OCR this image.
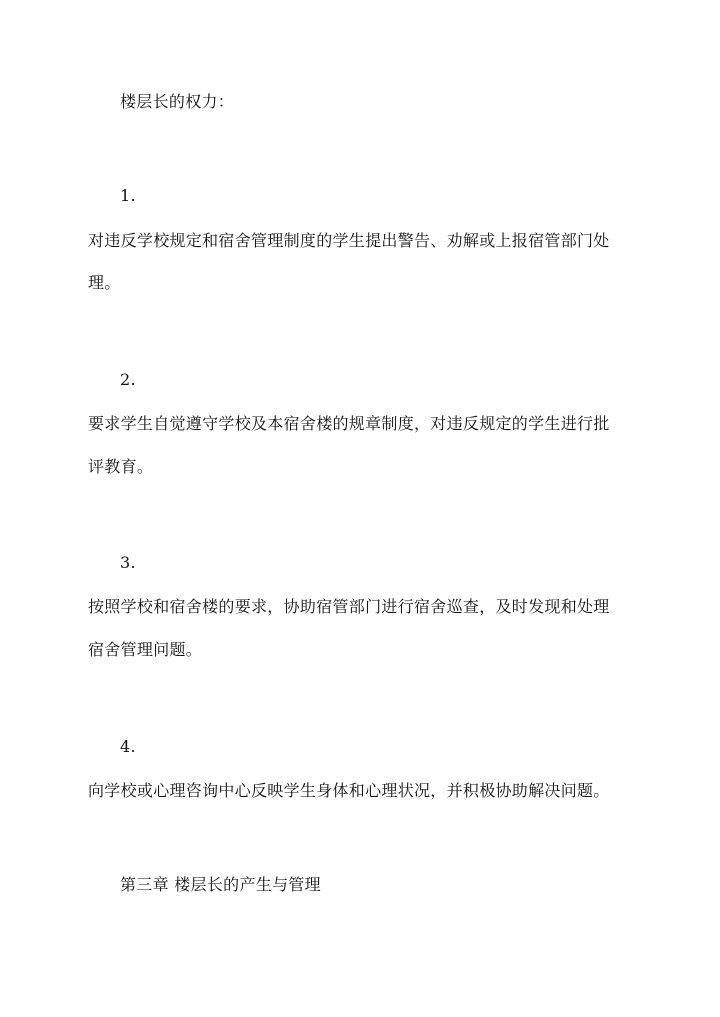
楼层长的权力：
1.
对违反学校规定和宿舍管理制度的学生提出警告、劝解或上报宿管部门处
理。
2.
要求学生自觉遵守学校及本宿舍楼的规章制度，对违反规定的学生进行批
评教育。
3.
按照学校和宿舍楼的要求，协助宿管部门进行宿舍巡查，及时发现和处理
宿舍管理问题。
4.
向学校或心理咨询中心反映学生身体和心理状况，并积极协助解决问题。
第三章 楼层长的产生与管理
